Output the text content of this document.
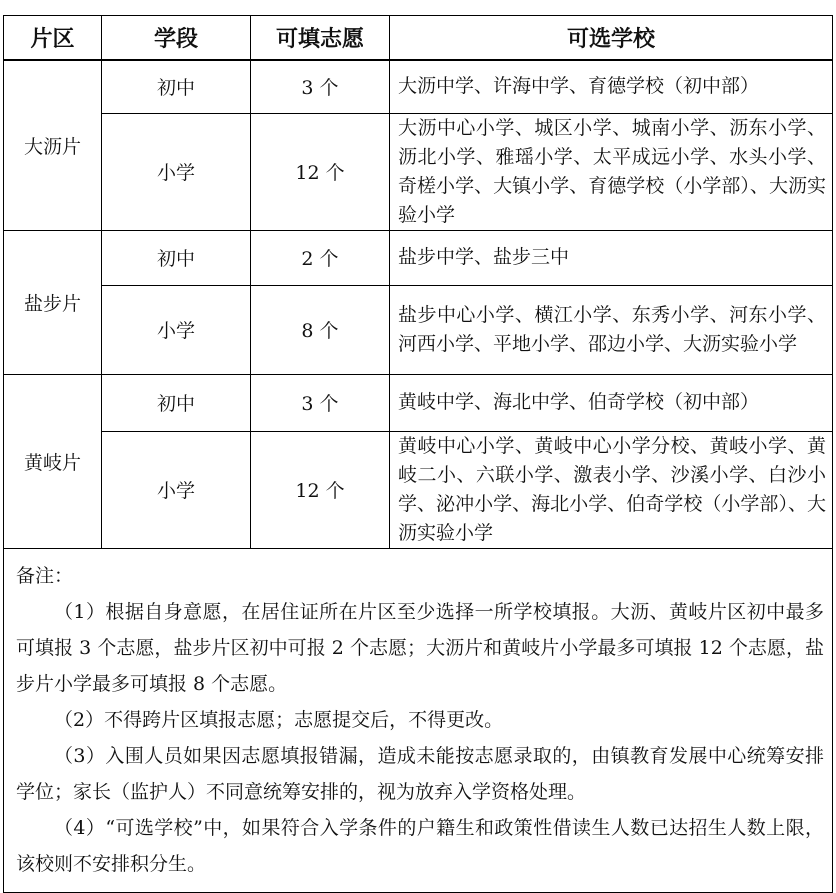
片区	学段	可填志愿	可选学校
大沥片	初中	3 个	大沥中学、许海中学、育德学校（初中部）
	小学	12 个	大沥中心小学、城区小学、城南小学、沥东小学、沥北小学、雅瑶小学、太平成远小学、水头小学、奇槎小学、大镇小学、育德学校（小学部）、大沥实验小学
盐步片	初中	2 个	盐步中学、盐步三中
	小学	8 个	盐步中心小学、横江小学、东秀小学、河东小学、河西小学、平地小学、邵边小学、大沥实验小学
黄岐片	初中	3 个	黄岐中学、海北中学、伯奇学校（初中部）
	小学	12 个	黄岐中心小学、黄岐中心小学分校、黄岐小学、黄岐二小、六联小学、激表小学、沙溪小学、白沙小学、泌冲小学、海北小学、伯奇学校（小学部）、大沥实验小学

备注：

（1）根据自身意愿，在居住证所在片区至少选择一所学校填报。大沥、黄岐片区初中最多可填报 3 个志愿，盐步片区初中可报 2 个志愿；大沥片和黄岐片小学最多可填报 12 个志愿，盐步片小学最多可填报 8 个志愿。

（2）不得跨片区填报志愿；志愿提交后，不得更改。

（3）入围人员如果因志愿填报错漏，造成未能按志愿录取的，由镇教育发展中心统筹安排学位；家长（监护人）不同意统筹安排的，视为放弃入学资格处理。

（4）“可选学校”中，如果符合入学条件的户籍生和政策性借读生人数已达招生人数上限，该校则不安排积分生。			
